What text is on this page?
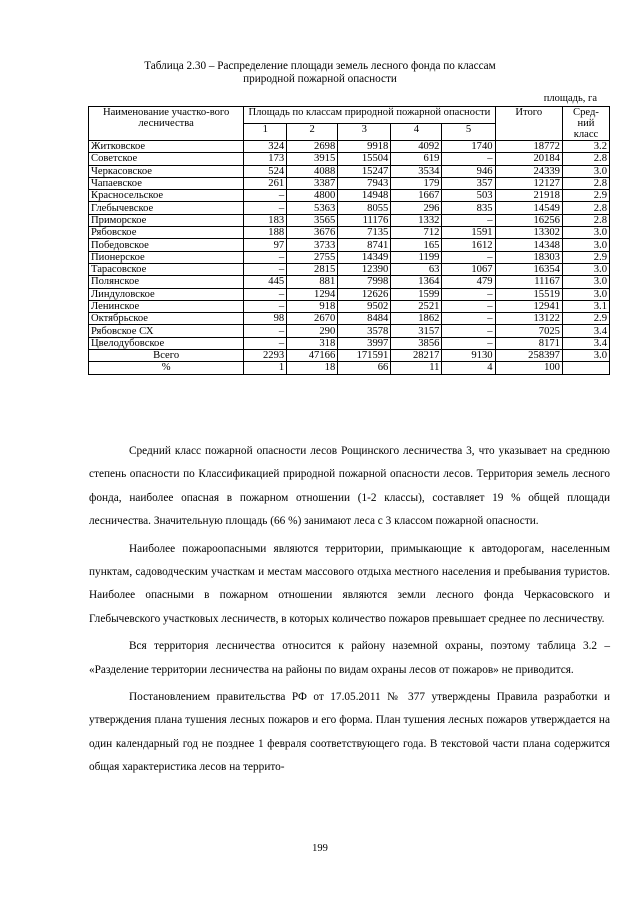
Таблица 2.30 – Распределение площади земель лесного фонда по классам
природной пожарной опасности
площадь, га
Наименование участко-вого лесничества	Площадь по классам природной пожарной опасности					Итого	Сред-ний класс
	1	2	3	4	5		
Житковское	324	2698	9918	4092	1740	18772	3.2
Советское	173	3915	15504	619	–	20184	2.8
Черкасовское	524	4088	15247	3534	946	24339	3.0
Чапаевское	261	3387	7943	179	357	12127	2.8
Красносельское	–	4800	14948	1667	503	21918	2.9
Глебычевское	–	5363	8055	296	835	14549	2.8
Приморское	183	3565	11176	1332	–	16256	2.8
Рябовское	188	3676	7135	712	1591	13302	3.0
Победовское	97	3733	8741	165	1612	14348	3.0
Пионерское	–	2755	14349	1199	–	18303	2.9
Тарасовское	–	2815	12390	63	1067	16354	3.0
Полянское	445	881	7998	1364	479	11167	3.0
Линдуловское	–	1294	12626	1599	–	15519	3.0
Ленинское	–	918	9502	2521	–	12941	3.1
Октябрьское	98	2670	8484	1862	–	13122	2.9
Рябовское СХ	–	290	3578	3157	–	7025	3.4
Цвелодубовское	–	318	3997	3856	–	8171	3.4
Всего	2293	47166	171591	28217	9130	258397	3.0
%	1	18	66	11	4	100	

Средний класс пожарной опасности лесов Рощинского лесничества 3, что указывает на среднюю степень опасности по Классификацией природной пожарной опасности лесов. Территория земель лесного фонда, наиболее опасная в пожарном отношении (1-2 классы), составляет 19 % общей площади лесничества. Значительную площадь (66 %) занимают леса с 3 классом пожарной опасности.

Наиболее пожароопасными являются территории, примыкающие к автодорогам, населенным пунктам, садоводческим участкам и местам массового отдыха местного населения и пребывания туристов. Наиболее опасными в пожарном отношении являются земли лесного фонда Черкасовского и Глебычевского участковых лесничеств, в которых количество пожаров превышает среднее по лесничеству.

Вся территория лесничества относится к району наземной охраны, поэтому таблица 3.2 – «Разделение территории лесничества на районы по видам охраны лесов от пожаров» не приводится.

Постановлением правительства РФ от 17.05.2011 № 377 утверждены Правила разработки и утверждения плана тушения лесных пожаров и его форма. План тушения лесных пожаров утверждается на один календарный год не позднее 1 февраля соответствующего года. В текстовой части плана содержится общая характеристика лесов на террито-

199
